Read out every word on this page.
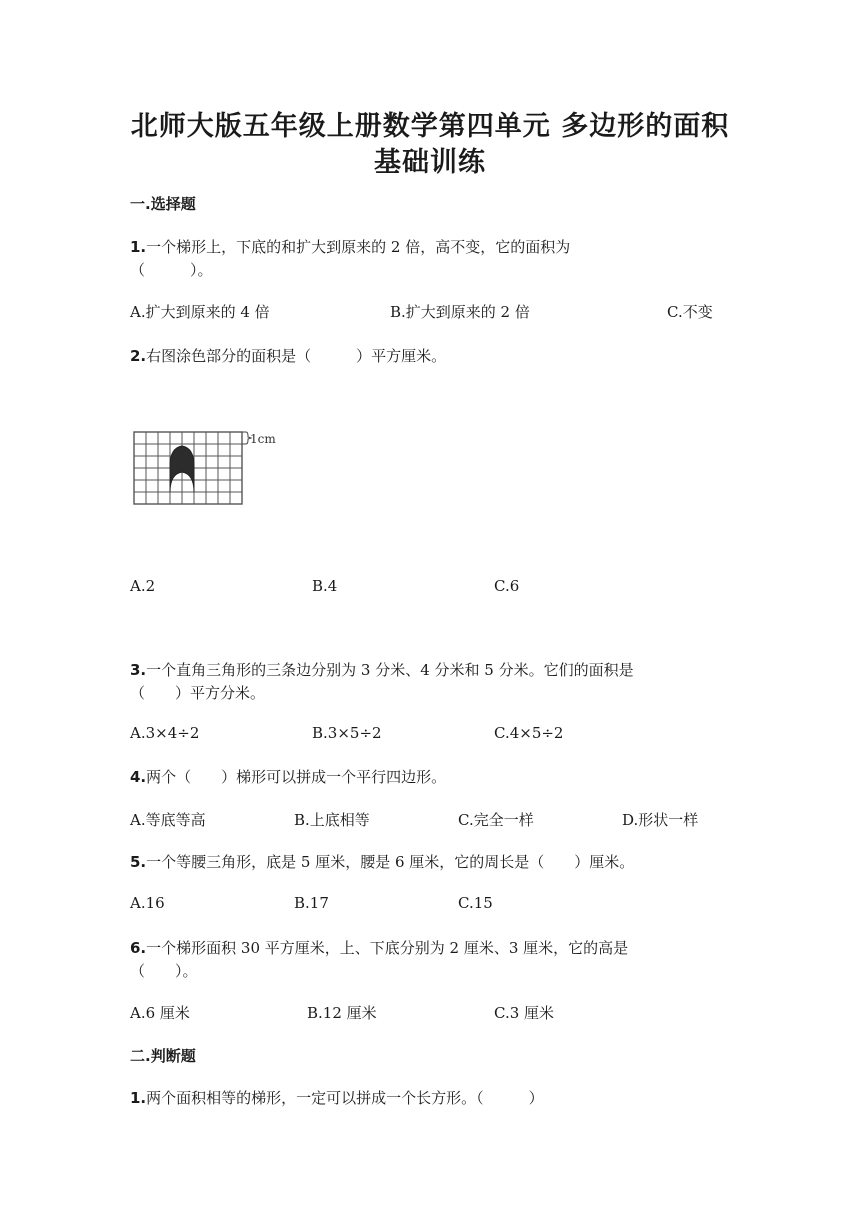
北师大版五年级上册数学第四单元 多边形的面积
基础训练
一.选择题
1.一个梯形上，下底的和扩大到原来的 2 倍，高不变，它的面积为
（　　　）。
A.扩大到原来的 4 倍	B.扩大到原来的 2 倍	C.不变
2.右图涂色部分的面积是（　　　）平方厘米。
1cm
A.2	B.4	C.6
3.一个直角三角形的三条边分别为 3 分米、4 分米和 5 分米。它们的面积是
（　　）平方分米。
A.3×4÷2	B.3×5÷2	C.4×5÷2
4.两个（　　）梯形可以拼成一个平行四边形。
A.等底等高	B.上底相等	C.完全一样	D.形状一样
5.一个等腰三角形，底是 5 厘米，腰是 6 厘米，它的周长是（　　）厘米。
A.16	B.17	C.15
6.一个梯形面积 30 平方厘米，上、下底分别为 2 厘米、3 厘米，它的高是
（　　）。
A.6 厘米	B.12 厘米	C.3 厘米
二.判断题
1.两个面积相等的梯形，一定可以拼成一个长方形。（　　　）
